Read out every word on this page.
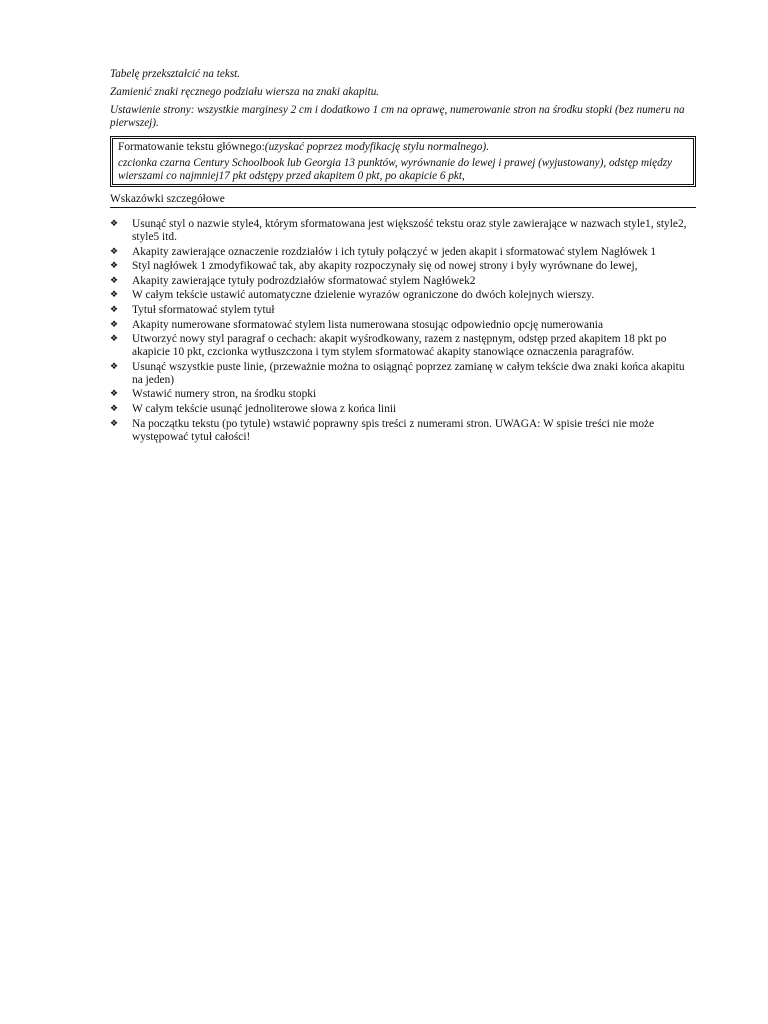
Tabelę przekształcić na tekst.

Zamienić znaki ręcznego podziału wiersza na znaki akapitu.

Ustawienie strony: wszystkie marginesy 2 cm i dodatkowo 1 cm na oprawę, numerowanie stron na środku stopki (bez numeru na pierwszej).

Formatowanie tekstu głównego:(uzyskać poprzez modyfikację stylu normalnego).
czcionka czarna Century Schoolbook lub Georgia 13 punktów, wyrównanie do lewej i prawej (wyjustowany), odstęp między wierszami co najmniej17 pkt odstępy przed akapitem 0 pkt, po akapicie 6 pkt,
Wskazówki szczegółowe
❖	Usunąć styl o nazwie style4, którym sformatowana jest większość tekstu oraz style zawierające w nazwach style1, style2, style5 itd.
❖	Akapity zawierające oznaczenie rozdziałów i ich tytuły połączyć w jeden akapit i sformatować stylem Nagłówek 1
❖	Styl nagłówek 1 zmodyfikować tak, aby akapity rozpoczynały się od nowej strony i były wyrównane do lewej,
❖	Akapity zawierające tytuły podrozdziałów sformatować stylem Nagłówek2
❖	W całym tekście ustawić automatyczne dzielenie wyrazów ograniczone do dwóch kolejnych wierszy.
❖	Tytuł sformatować stylem tytuł
❖	Akapity numerowane sformatować stylem lista numerowana stosując odpowiednio opcję numerowania
❖	Utworzyć nowy styl paragraf o cechach: akapit wyśrodkowany, razem z następnym, odstęp przed akapitem 18 pkt po akapicie 10 pkt, czcionka wytłuszczona i tym stylem sformatować akapity stanowiące oznaczenia paragrafów.
❖	Usunąć wszystkie puste linie, (przeważnie można to osiągnąć poprzez zamianę w całym tekście dwa znaki końca akapitu na jeden)
❖	Wstawić numery stron, na środku stopki
❖	W całym tekście usunąć jednoliterowe słowa z końca linii
❖	Na początku tekstu (po tytule) wstawić poprawny spis treści z numerami stron. UWAGA: W spisie treści nie może występować tytuł całości!
